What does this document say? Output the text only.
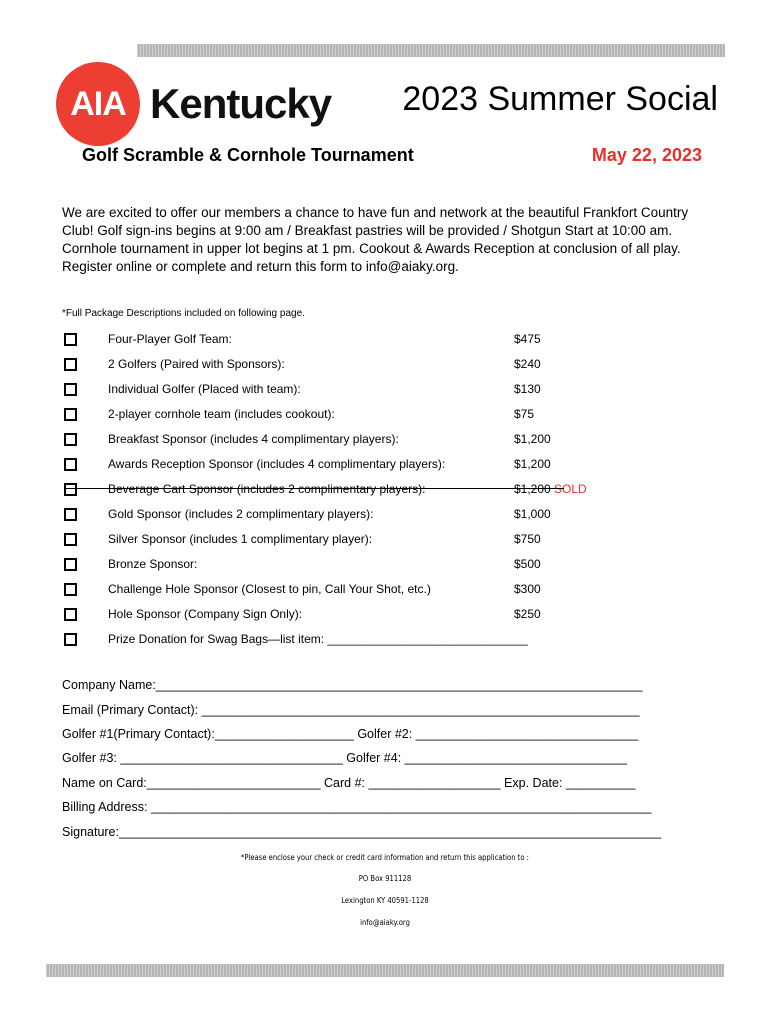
AIA Kentucky 2023 Summer Social
Golf Scramble & Cornhole Tournament	May 22, 2023

We are excited to offer our members a chance to have fun and network at the beautiful Frankfort Country

Club! Golf sign-ins begins at 9:00 am / Breakfast pastries will be provided / Shotgun Start at 10:00 am.

Cornhole tournament in upper lot begins at 1 pm. Cookout & Awards Reception at conclusion of all play.

Register online or complete and return this form to info@aiaky.org.

*Full Package Descriptions included on following page.
Four-Player Golf Team:	$475
2 Golfers (Paired with Sponsors):	$240
Individual Golfer (Placed with team):	$130
2-player cornhole team (includes cookout):	$75
Breakfast Sponsor (includes 4 complimentary players):	$1,200
Awards Reception Sponsor (includes 4 complimentary players):	$1,200
Beverage Cart Sponsor (includes 2 complimentary players):	$1,200 SOLD
Gold Sponsor (includes 2 complimentary players):	$1,000
Silver Sponsor (includes 1 complimentary player):	$750
Bronze Sponsor:	$500
Challenge Hole Sponsor (Closest to pin, Call Your Shot, etc.)	$300
Hole Sponsor (Company Sign Only):	$250
Prize Donation for Swag Bags—list item: ______________________________
Company Name:______________________________________________________________________
Email (Primary Contact): _______________________________________________________________
Golfer #1(Primary Contact):____________________ Golfer #2: ________________________________
Golfer #3: ________________________________ Golfer #4: ________________________________
Name on Card:_________________________ Card #: ___________________ Exp. Date: __________
Billing Address: ________________________________________________________________________
Signature:______________________________________________________________________________
*Please enclose your check or credit card information and return this application to :
PO Box 911128
Lexington KY 40591-1128
info@aiaky.org
